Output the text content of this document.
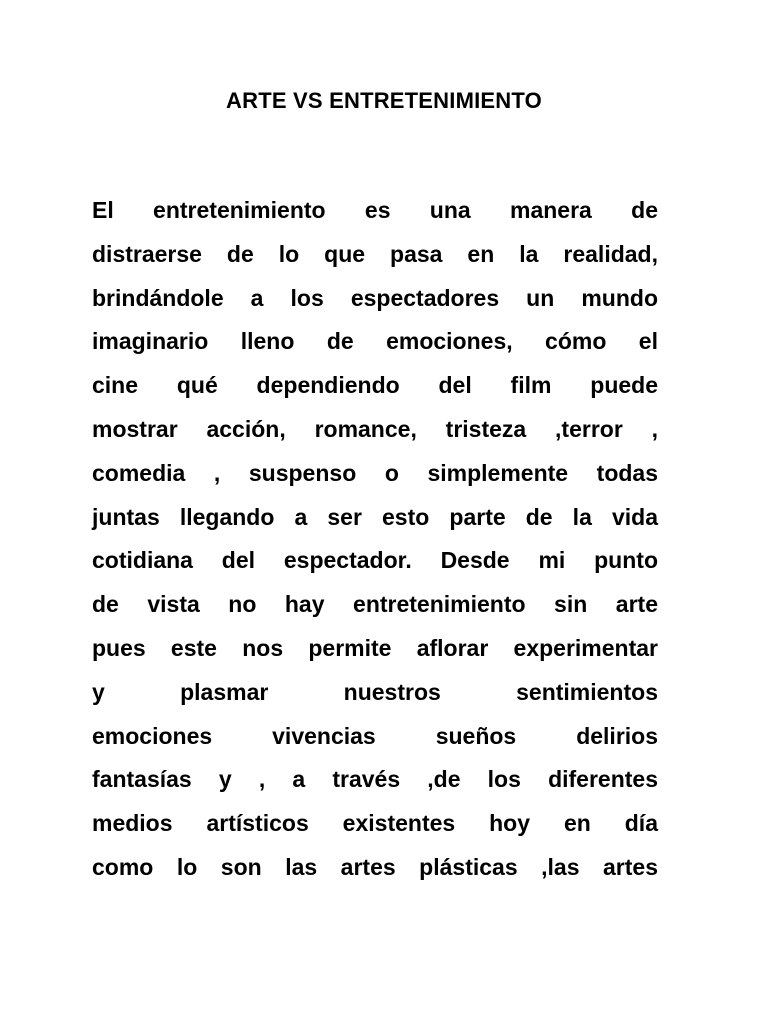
ARTE VS ENTRETENIMIENTO
El entretenimiento es una manera de
distraerse de lo que pasa en la realidad,
brindándole a los espectadores un mundo
imaginario lleno de emociones, cómo el
cine qué dependiendo del film puede
mostrar acción, romance, tristeza ,terror ,
comedia , suspenso o simplemente todas
juntas llegando a ser esto parte de la vida
cotidiana del espectador. Desde mi punto
de vista no hay entretenimiento sin arte
pues este nos permite aflorar experimentar
y plasmar nuestros sentimientos
emociones vivencias sueños delirios
fantasías y , a través ,de los diferentes
medios artísticos existentes hoy en día
como lo son las artes plásticas ,las artes
